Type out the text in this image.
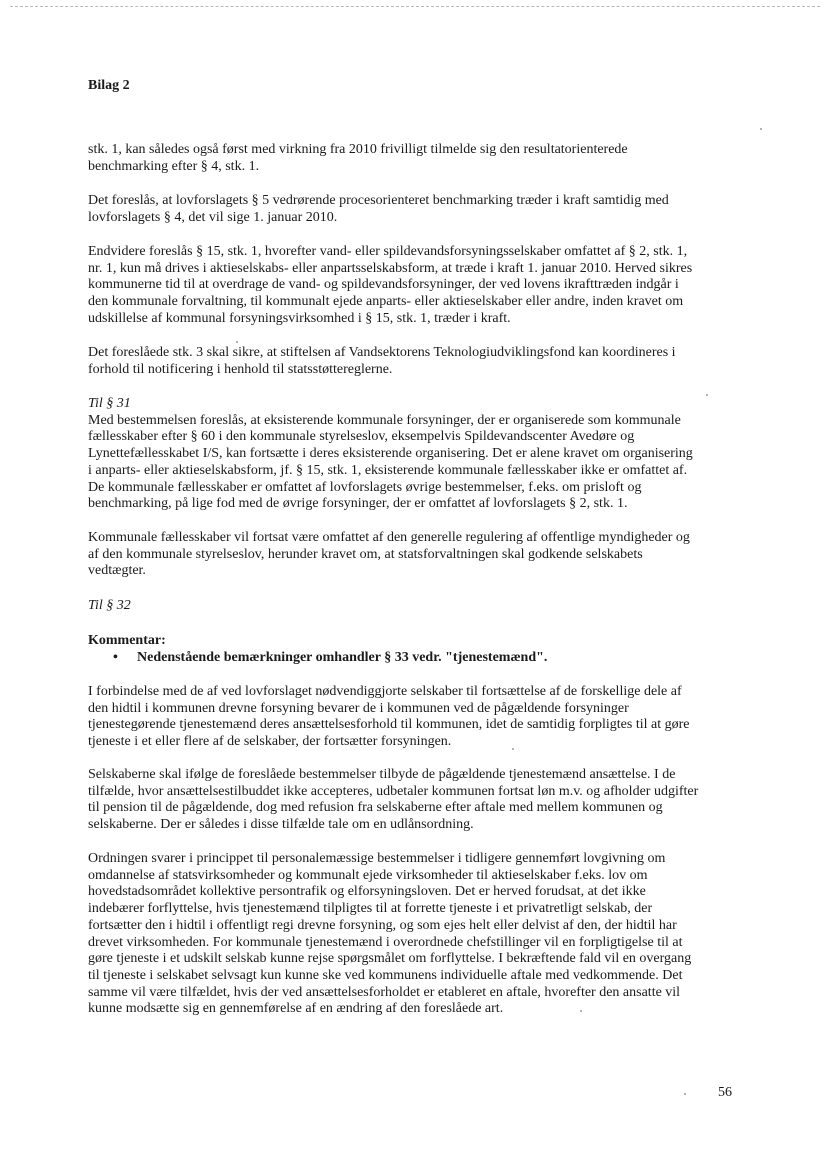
Bilag 2
stk. 1, kan således også først med virkning fra 2010 frivilligt tilmelde sig den resultatorienterede
benchmarking efter § 4, stk. 1.
Det foreslås, at lovforslagets § 5 vedrørende procesorienteret benchmarking træder i kraft samtidig med
lovforslagets § 4, det vil sige 1. januar 2010.
Endvidere foreslås § 15, stk. 1, hvorefter vand- eller spildevandsforsyningsselskaber omfattet af § 2, stk. 1,
nr. 1, kun må drives i aktieselskabs- eller anpartsselskabsform, at træde i kraft 1. januar 2010. Herved sikres
kommunerne tid til at overdrage de vand- og spildevandsforsyninger, der ved lovens ikrafttræden indgår i
den kommunale forvaltning, til kommunalt ejede anparts- eller aktieselskaber eller andre, inden kravet om
udskillelse af kommunal forsyningsvirksomhed i § 15, stk. 1, træder i kraft.
Det foreslåede stk. 3 skal sikre, at stiftelsen af Vandsektorens Teknologiudviklingsfond kan koordineres i
forhold til notificering i henhold til statsstøttereglerne.
Til § 31
Med bestemmelsen foreslås, at eksisterende kommunale forsyninger, der er organiserede som kommunale
fællesskaber efter § 60 i den kommunale styrelseslov, eksempelvis Spildevandscenter Avedøre og
Lynettefællesskabet I/S, kan fortsætte i deres eksisterende organisering. Det er alene kravet om organisering
i anparts- eller aktieselskabsform, jf. § 15, stk. 1, eksisterende kommunale fællesskaber ikke er omfattet af.
De kommunale fællesskaber er omfattet af lovforslagets øvrige bestemmelser, f.eks. om prisloft og
benchmarking, på lige fod med de øvrige forsyninger, der er omfattet af lovforslagets § 2, stk. 1.
Kommunale fællesskaber vil fortsat være omfattet af den generelle regulering af offentlige myndigheder og
af den kommunale styrelseslov, herunder kravet om, at statsforvaltningen skal godkende selskabets
vedtægter.
Til § 32
Kommentar:
• Nedenstående bemærkninger omhandler § 33 vedr. "tjenestemænd".
I forbindelse med de af ved lovforslaget nødvendiggjorte selskaber til fortsættelse af de forskellige dele af
den hidtil i kommunen drevne forsyning bevarer de i kommunen ved de pågældende forsyninger
tjenestegørende tjenestemænd deres ansættelsesforhold til kommunen, idet de samtidig forpligtes til at gøre
tjeneste i et eller flere af de selskaber, der fortsætter forsyningen.
Selskaberne skal ifølge de foreslåede bestemmelser tilbyde de pågældende tjenestemænd ansættelse. I de
tilfælde, hvor ansættelsestilbuddet ikke accepteres, udbetaler kommunen fortsat løn m.v. og afholder udgifter
til pension til de pågældende, dog med refusion fra selskaberne efter aftale med mellem kommunen og
selskaberne. Der er således i disse tilfælde tale om en udlånsordning.
Ordningen svarer i princippet til personalemæssige bestemmelser i tidligere gennemført lovgivning om
omdannelse af statsvirksomheder og kommunalt ejede virksomheder til aktieselskaber f.eks. lov om
hovedstadsområdet kollektive persontrafik og elforsyningsloven. Det er herved forudsat, at det ikke
indebærer forflyttelse, hvis tjenestemænd tilpligtes til at forrette tjeneste i et privatretligt selskab, der
fortsætter den i hidtil i offentligt regi drevne forsyning, og som ejes helt eller delvist af den, der hidtil har
drevet virksomheden. For kommunale tjenestemænd i overordnede chefstillinger vil en forpligtigelse til at
gøre tjeneste i et udskilt selskab kunne rejse spørgsmålet om forflyttelse. I bekræftende fald vil en overgang
til tjeneste i selskabet selvsagt kun kunne ske ved kommunens individuelle aftale med vedkommende. Det
samme vil være tilfældet, hvis der ved ansættelsesforholdet er etableret en aftale, hvorefter den ansatte vil
kunne modsætte sig en gennemførelse af en ændring af den foreslåede art.
56
